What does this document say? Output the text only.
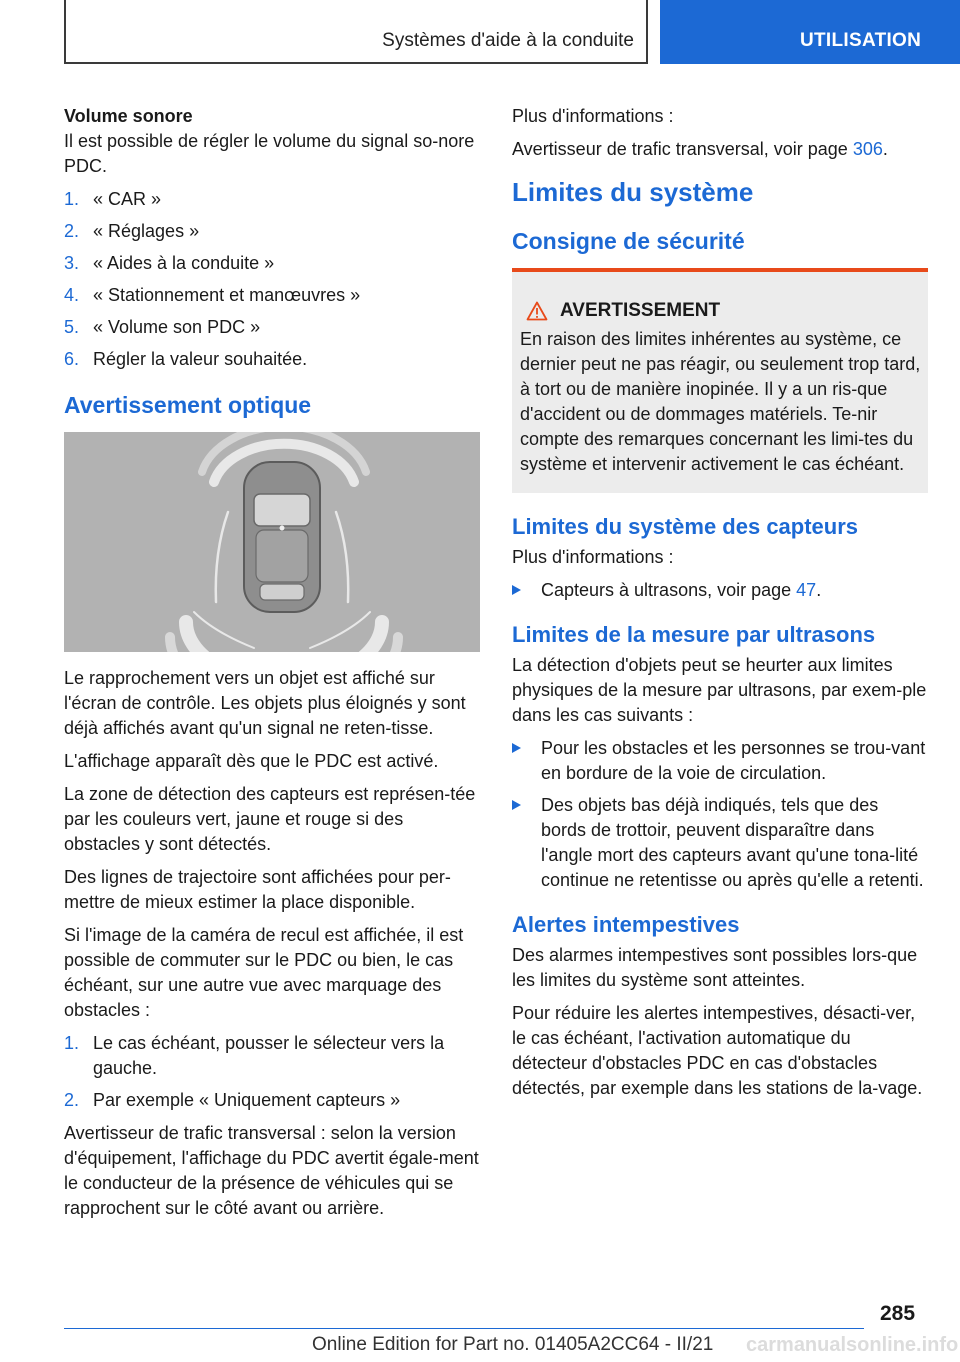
Systèmes d'aide à la conduite	UTILISATION

Volume sonore

Il est possible de régler le volume du signal so-nore PDC.

1. « CAR »
2. « Réglages »
3. « Aides à la conduite »
4. « Stationnement et manœuvres »
5. « Volume son PDC »
6. Régler la valeur souhaitée.
Avertissement optique

Le rapprochement vers un objet est affiché sur l'écran de contrôle. Les objets plus éloignés y sont déjà affichés avant qu'un signal ne reten-tisse.

L'affichage apparaît dès que le PDC est activé.

La zone de détection des capteurs est représen-tée par les couleurs vert, jaune et rouge si des obstacles y sont détectés.

Des lignes de trajectoire sont affichées pour per-mettre de mieux estimer la place disponible.

Si l'image de la caméra de recul est affichée, il est possible de commuter sur le PDC ou bien, le cas échéant, sur une autre vue avec marquage des obstacles :

1. Le cas échéant, pousser le sélecteur vers la gauche.
2. Par exemple « Uniquement capteurs »

Avertisseur de trafic transversal : selon la version d'équipement, l'affichage du PDC avertit égale-ment le conducteur de la présence de véhicules qui se rapprochent sur le côté avant ou arrière.

Plus d'informations :

Avertisseur de trafic transversal, voir page 306.

Limites du système
Consigne de sécurité
AVERTISSEMENT
En raison des limites inhérentes au système, ce dernier peut ne pas réagir, ou seulement trop tard, à tort ou de manière inopinée. Il y a un ris-que d'accident ou de dommages matériels. Te-nir compte des remarques concernant les limi-tes du système et intervenir activement le cas échéant.
Limites du système des capteurs

Plus d'informations :

Capteurs à ultrasons, voir page 47.
Limites de la mesure par ultrasons

La détection d'objets peut se heurter aux limites physiques de la mesure par ultrasons, par exem-ple dans les cas suivants :

Pour les obstacles et les personnes se trou-vant en bordure de la voie de circulation.
Des objets bas déjà indiqués, tels que des bords de trottoir, peuvent disparaître dans l'angle mort des capteurs avant qu'une tona-lité continue ne retentisse ou après qu'elle a retenti.
Alertes intempestives

Des alarmes intempestives sont possibles lors-que les limites du système sont atteintes.

Pour réduire les alertes intempestives, désacti-ver, le cas échéant, l'activation automatique du détecteur d'obstacles PDC en cas d'obstacles détectés, par exemple dans les stations de la-vage.

285
Online Edition for Part no. 01405A2CC64 - II/21 carmanualsonline.info
